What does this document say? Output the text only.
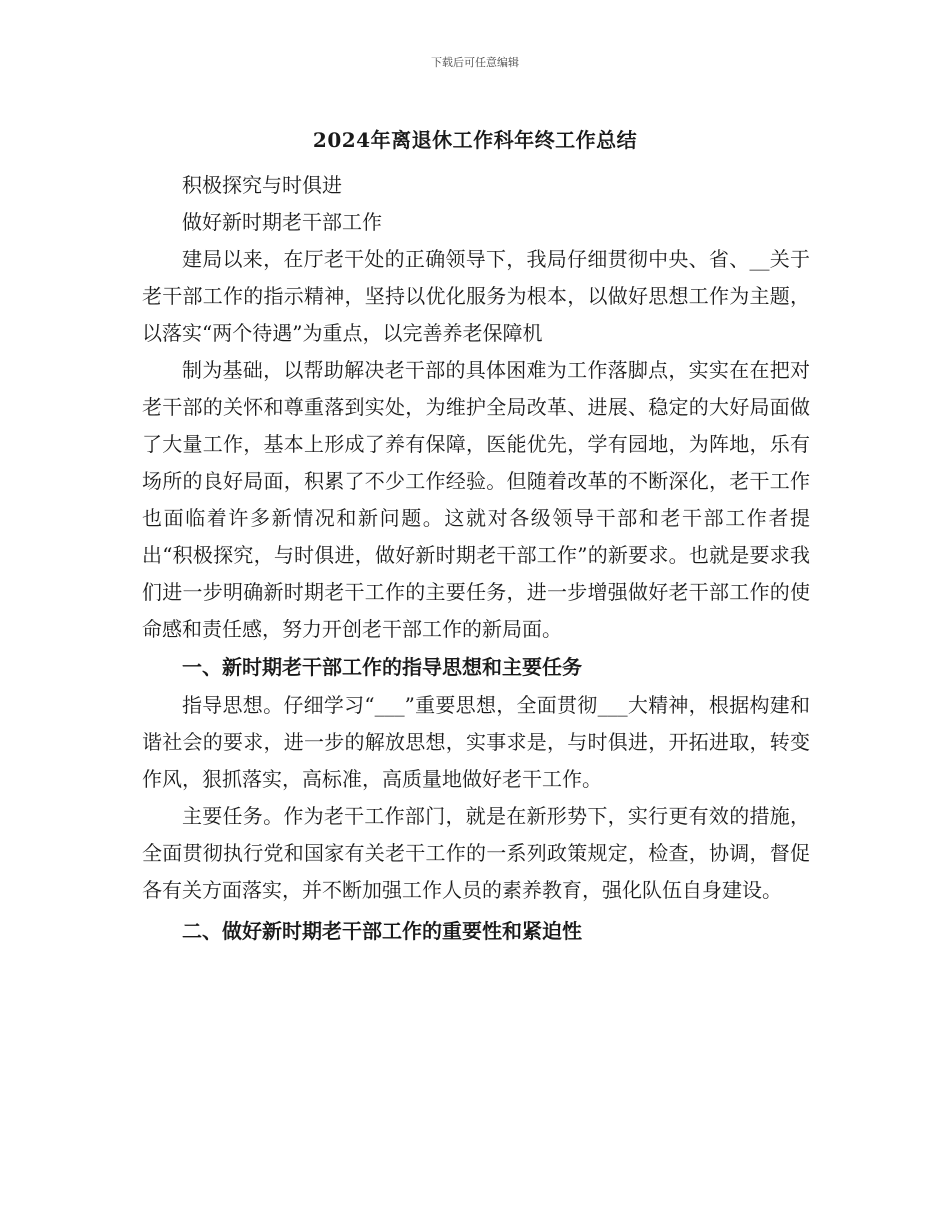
下载后可任意编辑
2024年离退休工作科年终工作总结

积极探究与时俱进

做好新时期老干部工作

建局以来，在厅老干处的正确领导下，我局仔细贯彻中央、省、__关于老干部工作的指示精神，坚持以优化服务为根本，以做好思想工作为主题，以落实“两个待遇”为重点，以完善养老保障机

制为基础，以帮助解决老干部的具体困难为工作落脚点，实实在在把对老干部的关怀和尊重落到实处，为维护全局改革、进展、稳定的大好局面做了大量工作，基本上形成了养有保障，医能优先，学有园地，为阵地，乐有场所的良好局面，积累了不少工作经验。但随着改革的不断深化，老干工作也面临着许多新情况和新问题。这就对各级领导干部和老干部工作者提出“积极探究，与时俱进，做好新时期老干部工作”的新要求。也就是要求我们进一步明确新时期老干工作的主要任务，进一步增强做好老干部工作的使命感和责任感，努力开创老干部工作的新局面。

一、新时期老干部工作的指导思想和主要任务

指导思想。仔细学习“___”重要思想，全面贯彻___大精神，根据构建和谐社会的要求，进一步的解放思想，实事求是，与时俱进，开拓进取，转变作风，狠抓落实，高标准，高质量地做好老干工作。

主要任务。作为老干工作部门，就是在新形势下，实行更有效的措施，全面贯彻执行党和国家有关老干工作的一系列政策规定，检查，协调，督促各有关方面落实，并不断加强工作人员的素养教育，强化队伍自身建设。

二、做好新时期老干部工作的重要性和紧迫性
